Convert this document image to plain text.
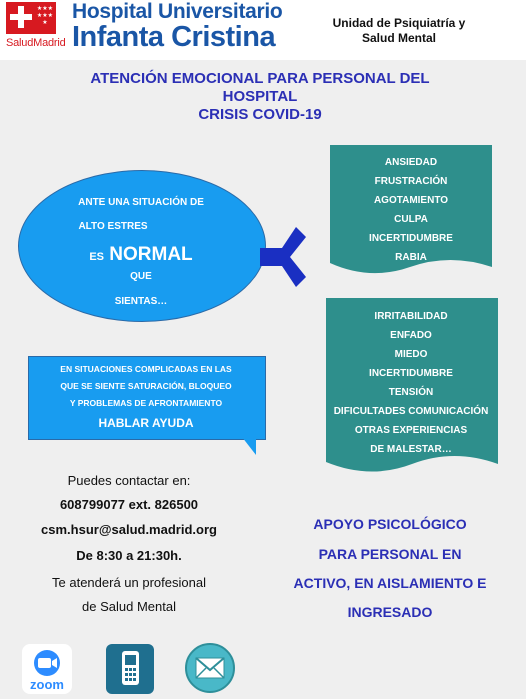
★★★
★★★
★
SaludMadrid
Hospital Universitario
Infanta Cristina	Unidad de Psiquiatría y
Salud Mental
ATENCIÓN EMOCIONAL PARA PERSONAL DEL
HOSPITAL
CRISIS COVID-19
ANTE UNA SITUACIÓN DE
ALTO ESTRES
ES NORMAL
QUE
SIENTAS…
ANSIEDAD
FRUSTRACIÓN
AGOTAMIENTO
CULPA
INCERTIDUMBRE
RABIA
IRRITABILIDAD
ENFADO
MIEDO
INCERTIDUMBRE
TENSIÓN
DIFICULTADES COMUNICACIÓN
OTRAS EXPERIENCIAS
DE MALESTAR…
EN SITUACIONES COMPLICADAS EN LAS
QUE SE SIENTE SATURACIÓN, BLOQUEO
Y PROBLEMAS DE AFRONTAMIENTO
HABLAR AYUDA
Puedes contactar en:
608799077 ext. 826500
csm.hsur@salud.madrid.org
De 8:30 a 21:30h.
Te atenderá un profesional
de Salud Mental
APOYO PSICOLÓGICO
PARA PERSONAL EN
ACTIVO, EN AISLAMIENTO E
INGRESADO
zoom
